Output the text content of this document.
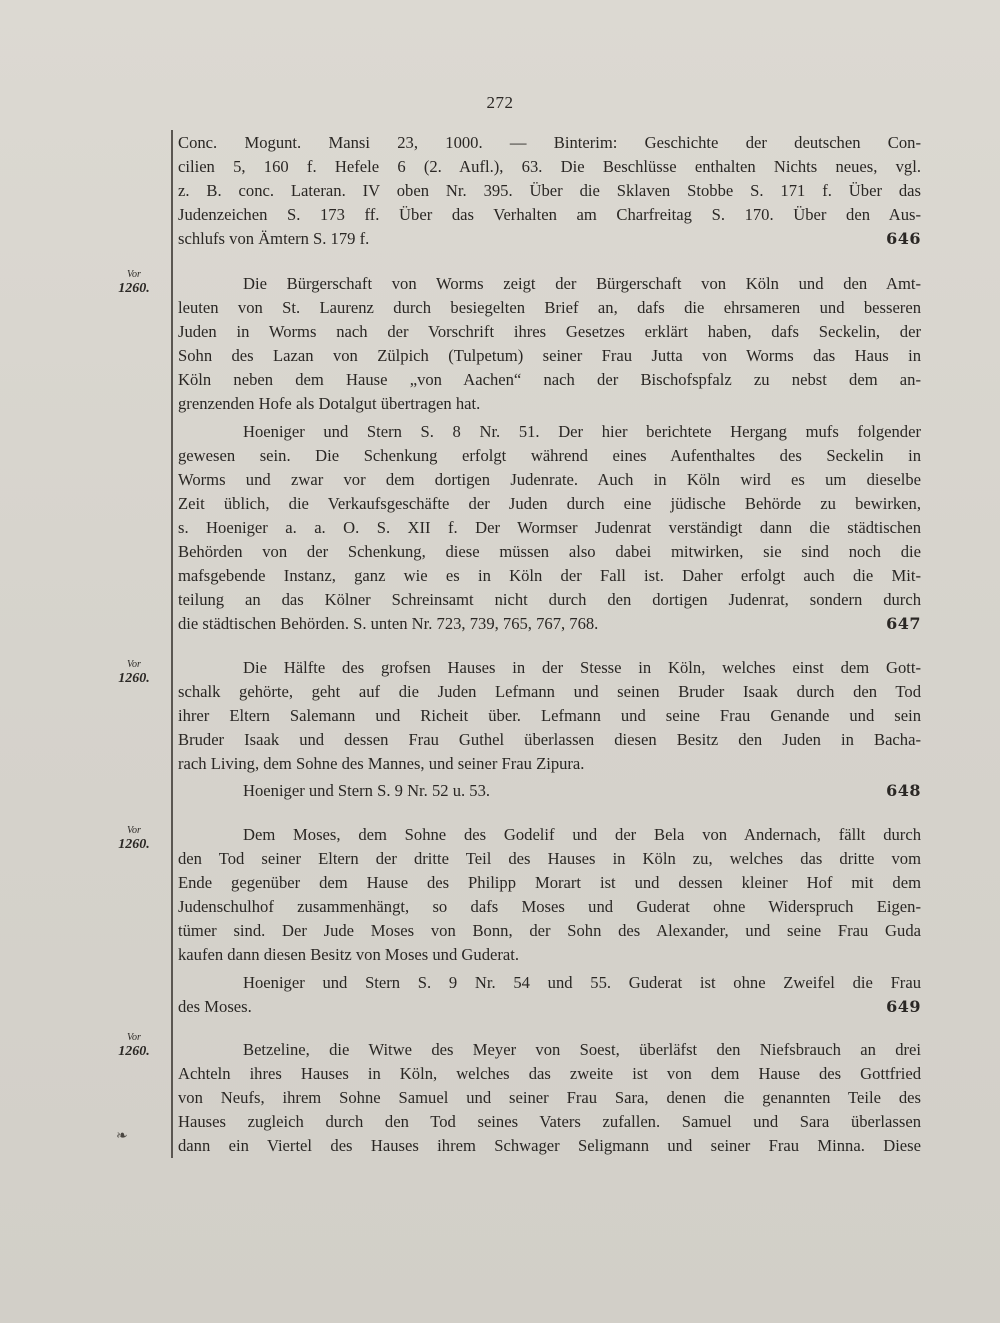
272

Conc. Mogunt. Mansi 23, 1000. — Binterim: Geschichte der deutschen Con-

cilien 5, 160 f. Hefele 6 (2. Aufl.), 63. Die Beschlüsse enthalten Nichts neues, vgl.

z. B. conc. Lateran. IV oben Nr. 395. Über die Sklaven Stobbe S. 171 f. Über das

Judenzeichen S. 173 ff. Über das Verhalten am Charfreitag S. 170. Über den Aus-

schlufs von Ämtern S. 179 f.	646

Vor
1260.	Die Bürgerschaft von Worms zeigt der Bürgerschaft von Köln und den Amt-

leuten von St. Laurenz durch besiegelten Brief an, dafs die ehrsameren und besseren

Juden in Worms nach der Vorschrift ihres Gesetzes erklärt haben, dafs Seckelin, der

Sohn des Lazan von Zülpich (Tulpetum) seiner Frau Jutta von Worms das Haus in

Köln neben dem Hause „von Aachen“ nach der Bischofspfalz zu nebst dem an-

grenzenden Hofe als Dotalgut übertragen hat.

Hoeniger und Stern S. 8 Nr. 51. Der hier berichtete Hergang mufs folgender

gewesen sein. Die Schenkung erfolgt während eines Aufenthaltes des Seckelin in

Worms und zwar vor dem dortigen Judenrate. Auch in Köln wird es um dieselbe

Zeit üblich, die Verkaufsgeschäfte der Juden durch eine jüdische Behörde zu bewirken,

s. Hoeniger a. a. O. S. XII f. Der Wormser Judenrat verständigt dann die städtischen

Behörden von der Schenkung, diese müssen also dabei mitwirken, sie sind noch die

mafsgebende Instanz, ganz wie es in Köln der Fall ist. Daher erfolgt auch die Mit-

teilung an das Kölner Schreinsamt nicht durch den dortigen Judenrat, sondern durch

die städtischen Behörden. S. unten Nr. 723, 739, 765, 767, 768.	647

Vor
1260.

Die Hälfte des grofsen Hauses in der Stesse in Köln, welches einst dem Gott-

schalk gehörte, geht auf die Juden Lefmann und seinen Bruder Isaak durch den Tod

ihrer Eltern Salemann und Richeit über. Lefmann und seine Frau Genande und sein

Bruder Isaak und dessen Frau Guthel überlassen diesen Besitz den Juden in Bacha-

rach Living, dem Sohne des Mannes, und seiner Frau Zipura.

Hoeniger und Stern S. 9 Nr. 52 u. 53.	648
Vor
1260.

Dem Moses, dem Sohne des Godelif und der Bela von Andernach, fällt durch

den Tod seiner Eltern der dritte Teil des Hauses in Köln zu, welches das dritte vom

Ende gegenüber dem Hause des Philipp Morart ist und dessen kleiner Hof mit dem

Judenschulhof zusammenhängt, so dafs Moses und Guderat ohne Widerspruch Eigen-

tümer sind. Der Jude Moses von Bonn, der Sohn des Alexander, und seine Frau Guda

kaufen dann diesen Besitz von Moses und Guderat.

Hoeniger und Stern S. 9 Nr. 54 und 55. Guderat ist ohne Zweifel die Frau

des Moses.	649

Vor
1260.	Betzeline, die Witwe des Meyer von Soest, überläfst den Niefsbrauch an drei

Achteln ihres Hauses in Köln, welches das zweite ist von dem Hause des Gottfried

von Neufs, ihrem Sohne Samuel und seiner Frau Sara, denen die genannten Teile des

Hauses zugleich durch den Tod seines Vaters zufallen. Samuel und Sara überlassen

dann ein Viertel des Hauses ihrem Schwager Seligmann und seiner Frau Minna. Diese

❧
